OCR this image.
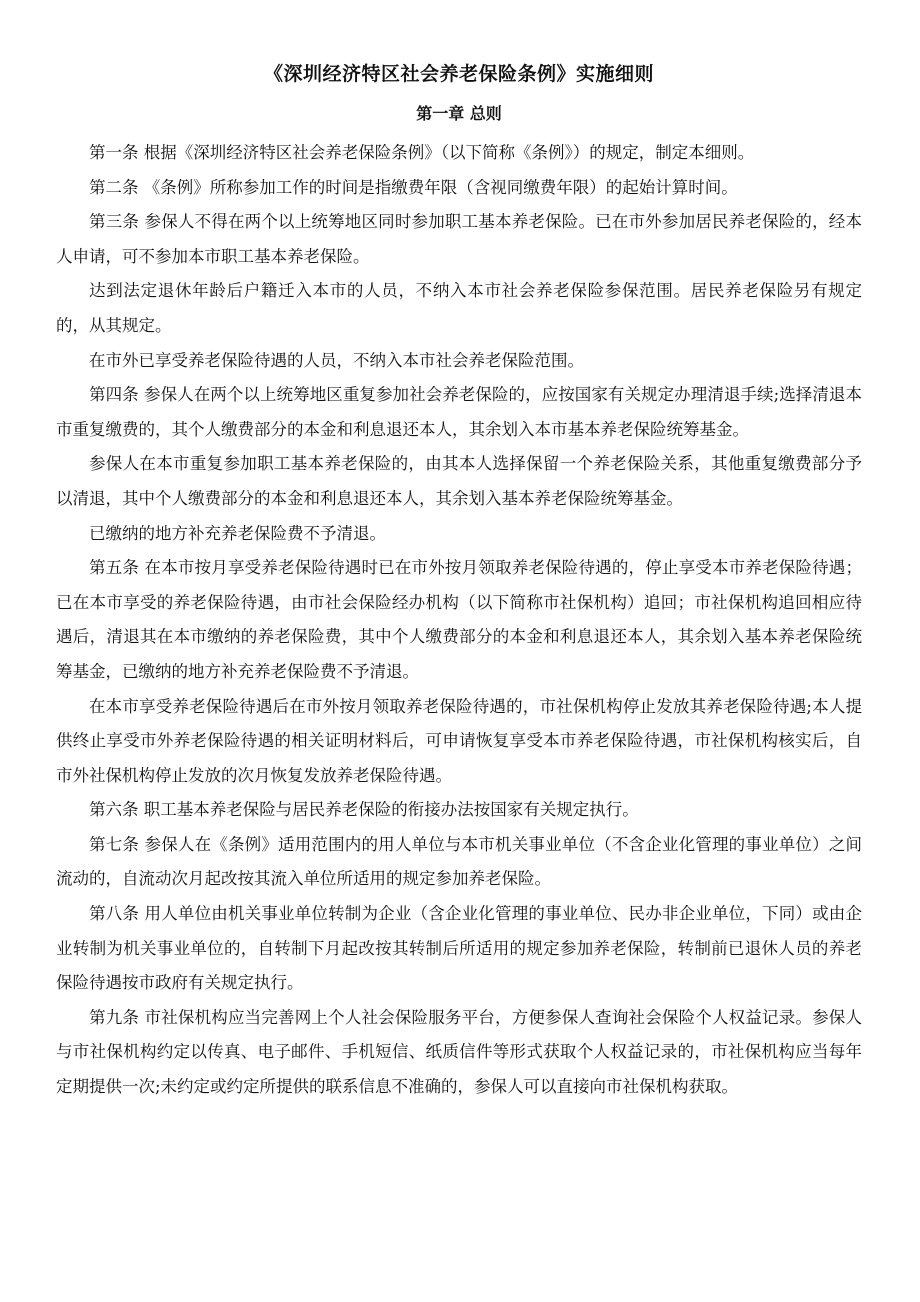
《深圳经济特区社会养老保险条例》实施细则
第一章 总则

第一条 根据《深圳经济特区社会养老保险条例》（以下简称《条例》）的规定，制定本细则。

第二条 《条例》所称参加工作的时间是指缴费年限（含视同缴费年限）的起始计算时间。

第三条 参保人不得在两个以上统筹地区同时参加职工基本养老保险。已在市外参加居民养老保险的，经本人申请，可不参加本市职工基本养老保险。

达到法定退休年龄后户籍迁入本市的人员，不纳入本市社会养老保险参保范围。居民养老保险另有规定的，从其规定。

在市外已享受养老保险待遇的人员，不纳入本市社会养老保险范围。

第四条 参保人在两个以上统筹地区重复参加社会养老保险的，应按国家有关规定办理清退手续;选择清退本市重复缴费的，其个人缴费部分的本金和利息退还本人，其余划入本市基本养老保险统筹基金。

参保人在本市重复参加职工基本养老保险的，由其本人选择保留一个养老保险关系，其他重复缴费部分予以清退，其中个人缴费部分的本金和利息退还本人，其余划入基本养老保险统筹基金。

已缴纳的地方补充养老保险费不予清退。

第五条 在本市按月享受养老保险待遇时已在市外按月领取养老保险待遇的，停止享受本市养老保险待遇；已在本市享受的养老保险待遇，由市社会保险经办机构（以下简称市社保机构）追回；市社保机构追回相应待遇后，清退其在本市缴纳的养老保险费，其中个人缴费部分的本金和利息退还本人，其余划入基本养老保险统筹基金，已缴纳的地方补充养老保险费不予清退。

在本市享受养老保险待遇后在市外按月领取养老保险待遇的，市社保机构停止发放其养老保险待遇;本人提供终止享受市外养老保险待遇的相关证明材料后，可申请恢复享受本市养老保险待遇，市社保机构核实后，自市外社保机构停止发放的次月恢复发放养老保险待遇。

第六条 职工基本养老保险与居民养老保险的衔接办法按国家有关规定执行。

第七条 参保人在《条例》适用范围内的用人单位与本市机关事业单位（不含企业化管理的事业单位）之间流动的，自流动次月起改按其流入单位所适用的规定参加养老保险。

第八条 用人单位由机关事业单位转制为企业（含企业化管理的事业单位、民办非企业单位，下同）或由企业转制为机关事业单位的，自转制下月起改按其转制后所适用的规定参加养老保险，转制前已退休人员的养老保险待遇按市政府有关规定执行。

第九条 市社保机构应当完善网上个人社会保险服务平台，方便参保人查询社会保险个人权益记录。参保人与市社保机构约定以传真、电子邮件、手机短信、纸质信件等形式获取个人权益记录的，市社保机构应当每年定期提供一次;未约定或约定所提供的联系信息不准确的，参保人可以直接向市社保机构获取。
